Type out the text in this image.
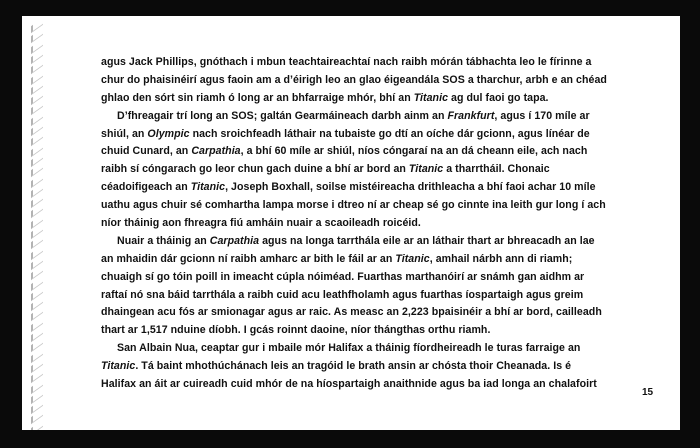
agus Jack Phillips, gnóthach i mbun teachtaireachtaí nach raibh mórán tábhachta leo le fírinne a
chur do phaisinéirí agus faoin am a d’éirigh leo an glao éigeandála SOS a tharchur, arbh e an chéad
ghlao den sórt sin riamh ó long ar an bhfarraige mhór, bhí an Titanic ag dul faoi go tapa.
D’fhreagair trí long an SOS; galtán Gearmáineach darbh ainm an Frankfurt, agus í 170 míle ar
shiúl, an Olympic nach sroichfeadh láthair na tubaiste go dtí an oíche dár gcionn, agus línéar de
chuid Cunard, an Carpathia, a bhí 60 míle ar shiúl, níos cóngaraí na an dá cheann eile, ach nach
raibh sí cóngarach go leor chun gach duine a bhí ar bord an Titanic a tharrtháil. Chonaic
céadoifigeach an Titanic, Joseph Boxhall, soilse mistéireacha drithleacha a bhí faoi achar 10 míle
uathu agus chuir sé comhartha lampa morse i dtreo ní ar cheap sé go cinnte ina leith gur long í ach
níor tháinig aon fhreagra fiú amháin nuair a scaoileadh roicéid.
Nuair a tháinig an Carpathia agus na longa tarrthála eile ar an láthair thart ar bhreacadh an lae
an mhaidin dár gcionn ní raibh amharc ar bith le fáil ar an Titanic, amhail nárbh ann di riamh;
chuaigh sí go tóin poill in imeacht cúpla nóiméad. Fuarthas marthanóirí ar snámh gan aidhm ar
raftaí nó sna báid tarrthála a raibh cuid acu leathfholamh agus fuarthas íospartaigh agus greim
dhaingean acu fós ar smionagar agus ar raic. As measc an 2,223 bpaisinéir a bhí ar bord, cailleadh
thart ar 1,517 nduine díobh. I gcás roinnt daoine, níor thángthas orthu riamh.
San Albain Nua, ceaptar gur i mbaile mór Halifax a tháinig fíordheireadh le turas farraige an
Titanic. Tá baint mhothúchánach leis an tragóid le brath ansin ar chósta thoir Cheanada. Is é
Halifax an áit ar cuireadh cuid mhór de na híospartaigh anaithnide agus ba iad longa an chalafoirt
15
